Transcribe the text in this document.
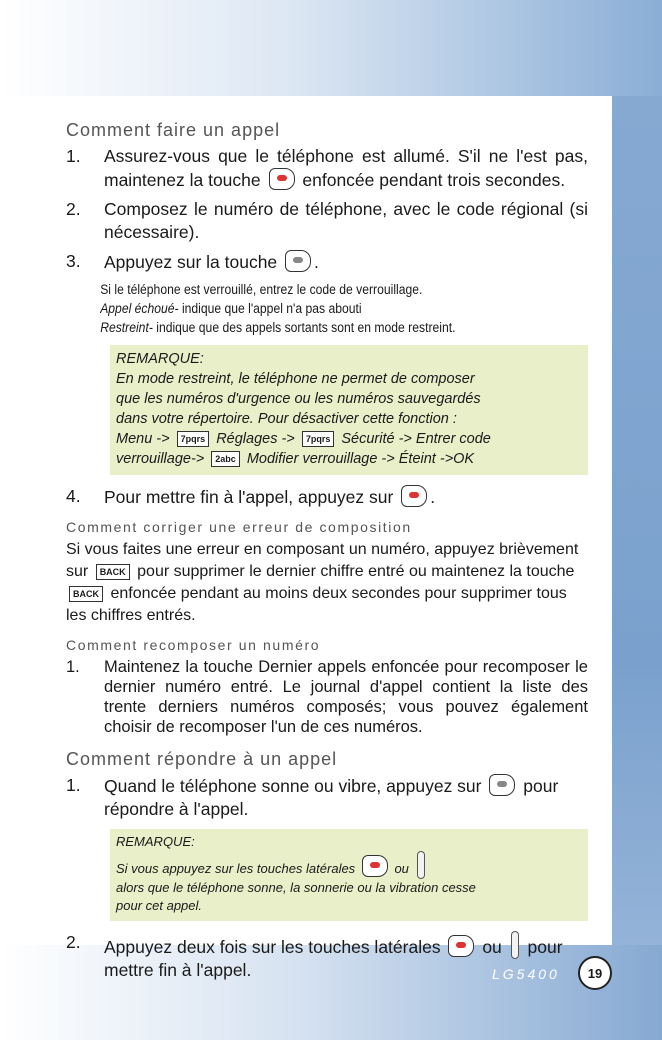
Comment faire un appel
1. Assurez-vous que le téléphone est allumé. S'il ne l'est pas, maintenez la touche enfoncée pendant trois secondes.
2. Composez le numéro de téléphone, avec le code régional (si nécessaire).
3. Appuyez sur la touche .
Si le téléphone est verrouillé, entrez le code de verrouillage.
Appel échoué- indique que l'appel n'a pas abouti
Restreint- indique que des appels sortants sont en mode restreint.
REMARQUE:En mode restreint, le téléphone ne permet de composer que les numéros d'urgence ou les numéros sauvegardés dans votre répertoire. Pour désactiver cette fonction :
Menu -> 7pqrs Réglages -> 7pqrs Sécurité -> Entrer code
verrouillage-> 2abc Modifier verrouillage -> Éteint ->OK
4. Pour mettre fin à l'appel, appuyez sur .
Comment corriger une erreur de composition
Si vous faites une erreur en composant un numéro, appuyez brièvement sur BACK pour supprimer le dernier chiffre entré ou maintenez la touche BACK enfoncée pendant au moins deux secondes pour supprimer tous les chiffres entrés.
Comment recomposer un numéro
1. Maintenez la touche Dernier appels enfoncée pour recomposer le dernier numéro entré. Le journal d'appel contient la liste des trente derniers numéros composés; vous pouvez également choisir de recomposer l'un de ces numéros.
Comment répondre à un appel
1. Quand le téléphone sonne ou vibre, appuyez sur pour répondre à l'appel.
REMARQUE:Si vous appuyez sur les touches latérales	ou
alors que le téléphone sonne, la sonnerie ou la vibration cesse pour cet appel.
2. Appuyez deux fois sur les touches latérales ou pour mettre fin à l'appel.	LG5400	19
